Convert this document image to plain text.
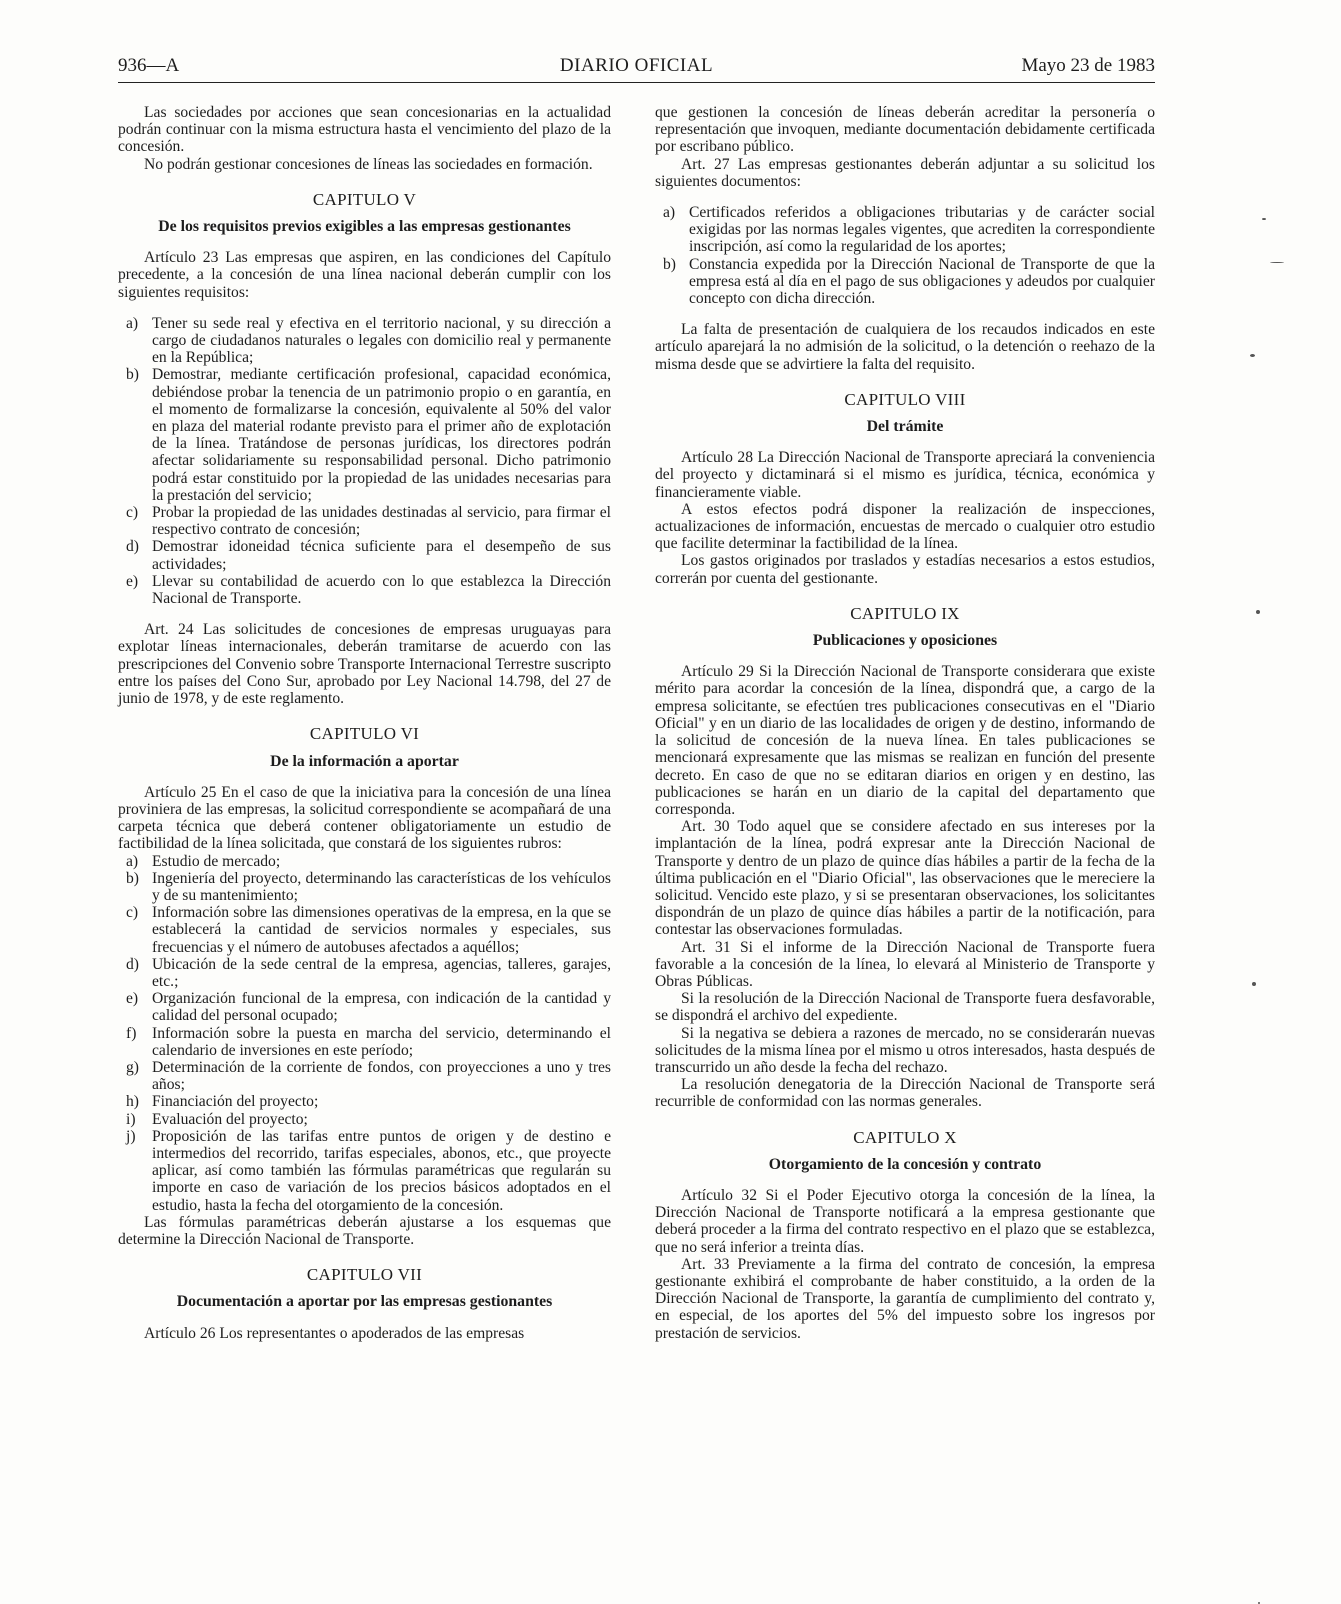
936—A	DIARIO OFICIAL	Mayo 23 de 1983

Las sociedades por acciones que sean concesionarias en la actualidad podrán continuar con la misma estructura hasta el vencimiento del plazo de la concesión.

No podrán gestionar concesiones de líneas las sociedades en formación.

CAPITULO V
De los requisitos previos exigibles a las empresas gestionantes

Artículo 23 Las empresas que aspiren, en las condiciones del Capítulo precedente, a la concesión de una línea nacional deberán cumplir con los siguientes requisitos:

a) Tener su sede real y efectiva en el territorio nacional, y su dirección a cargo de ciudadanos naturales o legales con domicilio real y permanente en la República;
b) Demostrar, mediante certificación profesional, capacidad económica, debiéndose probar la tenencia de un patrimonio propio o en garantía, en el momento de formalizarse la concesión, equivalente al 50% del valor en plaza del material rodante previsto para el primer año de explotación de la línea. Tratándose de personas jurídicas, los directores podrán afectar solidariamente su responsabilidad personal. Dicho patrimonio podrá estar constituido por la propiedad de las unidades necesarias para la prestación del servicio;
c) Probar la propiedad de las unidades destinadas al servicio, para firmar el respectivo contrato de concesión;
d) Demostrar idoneidad técnica suficiente para el desempeño de sus actividades;
e) Llevar su contabilidad de acuerdo con lo que establezca la Dirección Nacional de Transporte.

Art. 24 Las solicitudes de concesiones de empresas uruguayas para explotar líneas internacionales, deberán tramitarse de acuerdo con las prescripciones del Convenio sobre Transporte Internacional Terrestre suscripto entre los países del Cono Sur, aprobado por Ley Nacional 14.798, del 27 de junio de 1978, y de este reglamento.

CAPITULO VI
De la información a aportar

Artículo 25 En el caso de que la iniciativa para la concesión de una línea proviniera de las empresas, la solicitud correspondiente se acompañará de una carpeta técnica que deberá contener obligatoriamente un estudio de factibilidad de la línea solicitada, que constará de los siguientes rubros:

a) Estudio de mercado;
b) Ingeniería del proyecto, determinando las características de los vehículos y de su mantenimiento;
c) Información sobre las dimensiones operativas de la empresa, en la que se establecerá la cantidad de servicios normales y especiales, sus frecuencias y el número de autobuses afectados a aquéllos;
d) Ubicación de la sede central de la empresa, agencias, talleres, garajes, etc.;
e) Organización funcional de la empresa, con indicación de la cantidad y calidad del personal ocupado;
f) Información sobre la puesta en marcha del servicio, determinando el calendario de inversiones en este período;
g) Determinación de la corriente de fondos, con proyecciones a uno y tres años;
h) Financiación del proyecto;
i) Evaluación del proyecto;
j) Proposición de las tarifas entre puntos de origen y de destino e intermedios del recorrido, tarifas especiales, abonos, etc., que proyecte aplicar, así como también las fórmulas paramétricas que regularán su importe en caso de variación de los precios básicos adoptados en el estudio, hasta la fecha del otorgamiento de la concesión.

Las fórmulas paramétricas deberán ajustarse a los esquemas que determine la Dirección Nacional de Transporte.

CAPITULO VII
Documentación a aportar por las empresas gestionantes

Artículo 26 Los representantes o apoderados de las empresas

que gestionen la concesión de líneas deberán acreditar la personería o representación que invoquen, mediante documentación debidamente certificada por escribano público.

Art. 27 Las empresas gestionantes deberán adjuntar a su solicitud los siguientes documentos:

a) Certificados referidos a obligaciones tributarias y de carácter social exigidas por las normas legales vigentes, que acrediten la correspondiente inscripción, así como la regularidad de los aportes;
b) Constancia expedida por la Dirección Nacional de Transporte de que la empresa está al día en el pago de sus obligaciones y adeudos por cualquier concepto con dicha dirección.

La falta de presentación de cualquiera de los recaudos indicados en este artículo aparejará la no admisión de la solicitud, o la detención o reehazo de la misma desde que se advirtiere la falta del requisito.

CAPITULO VIII
Del trámite

Artículo 28 La Dirección Nacional de Transporte apreciará la conveniencia del proyecto y dictaminará si el mismo es jurídica, técnica, económica y financieramente viable.

A estos efectos podrá disponer la realización de inspecciones, actualizaciones de información, encuestas de mercado o cualquier otro estudio que facilite determinar la factibilidad de la línea.

Los gastos originados por traslados y estadías necesarios a estos estudios, correrán por cuenta del gestionante.

CAPITULO IX
Publicaciones y oposiciones

Artículo 29 Si la Dirección Nacional de Transporte considerara que existe mérito para acordar la concesión de la línea, dispondrá que, a cargo de la empresa solicitante, se efectúen tres publicaciones consecutivas en el "Diario Oficial" y en un diario de las localidades de origen y de destino, informando de la solicitud de concesión de la nueva línea. En tales publicaciones se mencionará expresamente que las mismas se realizan en función del presente decreto. En caso de que no se editaran diarios en origen y en destino, las publicaciones se harán en un diario de la capital del departamento que corresponda.

Art. 30 Todo aquel que se considere afectado en sus intereses por la implantación de la línea, podrá expresar ante la Dirección Nacional de Transporte y dentro de un plazo de quince días hábiles a partir de la fecha de la última publicación en el "Diario Oficial", las observaciones que le mereciere la solicitud. Vencido este plazo, y si se presentaran observaciones, los solicitantes dispondrán de un plazo de quince días hábiles a partir de la notificación, para contestar las observaciones formuladas.

Art. 31 Si el informe de la Dirección Nacional de Transporte fuera favorable a la concesión de la línea, lo elevará al Ministerio de Transporte y Obras Públicas.

Si la resolución de la Dirección Nacional de Transporte fuera desfavorable, se dispondrá el archivo del expediente.

Si la negativa se debiera a razones de mercado, no se considerarán nuevas solicitudes de la misma línea por el mismo u otros interesados, hasta después de transcurrido un año desde la fecha del rechazo.

La resolución denegatoria de la Dirección Nacional de Transporte será recurrible de conformidad con las normas generales.

CAPITULO X
Otorgamiento de la concesión y contrato

Artículo 32 Si el Poder Ejecutivo otorga la concesión de la línea, la Dirección Nacional de Transporte notificará a la empresa gestionante que deberá proceder a la firma del contrato respectivo en el plazo que se establezca, que no será inferior a treinta días.

Art. 33 Previamente a la firma del contrato de concesión, la empresa gestionante exhibirá el comprobante de haber constituido, a la orden de la Dirección Nacional de Transporte, la garantía de cumplimiento del contrato y, en especial, de los aportes del 5% del impuesto sobre los ingresos por prestación de servicios.
